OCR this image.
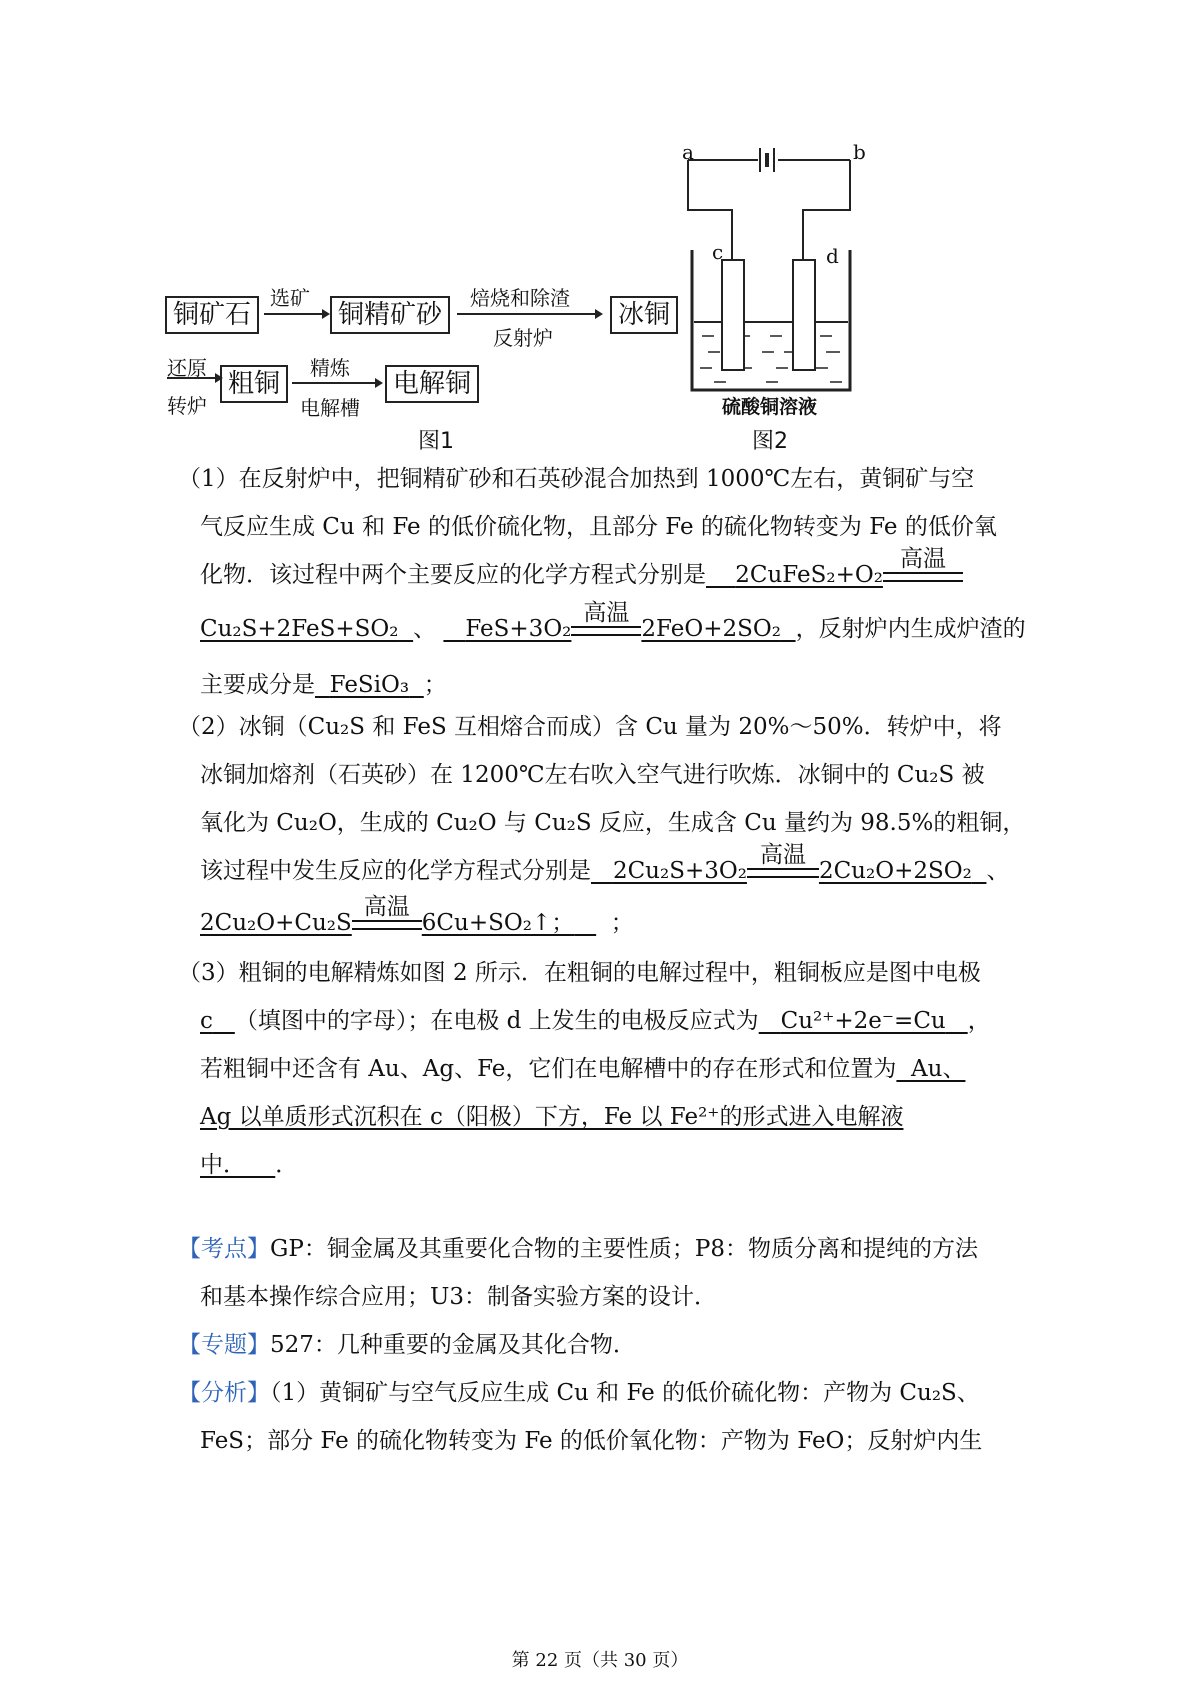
铜矿石
选矿
铜精矿砂
焙烧和除渣
反射炉
冰铜
还原
转炉
粗铜
精炼
电解槽
电解铜
图1
a	b
c	d
硫酸铜溶液
图2
（1）在反射炉中，把铜精矿砂和石英砂混合加热到 1000℃左右，黄铜矿与空
气反应生成 Cu 和 Fe 的低价硫化物，且部分 Fe 的硫化物转变为 Fe 的低价氧
化物．该过程中两个主要反应的化学方程式分别是 2CuFeS₂+O₂
高温
Cu₂S+2FeS+SO₂ 、 FeS+3O₂
高温
2FeO+2SO₂ ，反射炉内生成炉渣的
主要成分是 FeSiO₃ ；
（2）冰铜（Cu₂S 和 FeS 互相熔合而成）含 Cu 量为 20%～50%．转炉中，将
冰铜加熔剂（石英砂）在 1200℃左右吹入空气进行吹炼．冰铜中的 Cu₂S 被
氧化为 Cu₂O，生成的 Cu₂O 与 Cu₂S 反应，生成含 Cu 量约为 98.5%的粗铜，
该过程中发生反应的化学方程式分别是 2Cu₂S+3O₂
高温
2Cu₂O+2SO₂ 、
2Cu₂O+Cu₂S
高温
6Cu+SO₂↑； ；
（3）粗铜的电解精炼如图 2 所示．在粗铜的电解过程中，粗铜板应是图中电极
c （填图中的字母）；在电极 d 上发生的电极反应式为 Cu²⁺+2e⁻=Cu ，
若粗铜中还含有 Au、Ag、Fe，它们在电解槽中的存在形式和位置为 Au、
Ag 以单质形式沉积在 c（阳极）下方，Fe 以 Fe²⁺的形式进入电解液
中． ．
【考点】GP：铜金属及其重要化合物的主要性质；P8：物质分离和提纯的方法
和基本操作综合应用；U3：制备实验方案的设计．
【专题】527：几种重要的金属及其化合物．
【分析】（1）黄铜矿与空气反应生成 Cu 和 Fe 的低价硫化物：产物为 Cu₂S、
FeS；部分 Fe 的硫化物转变为 Fe 的低价氧化物：产物为 FeO；反射炉内生
第 22 页（共 30 页）
